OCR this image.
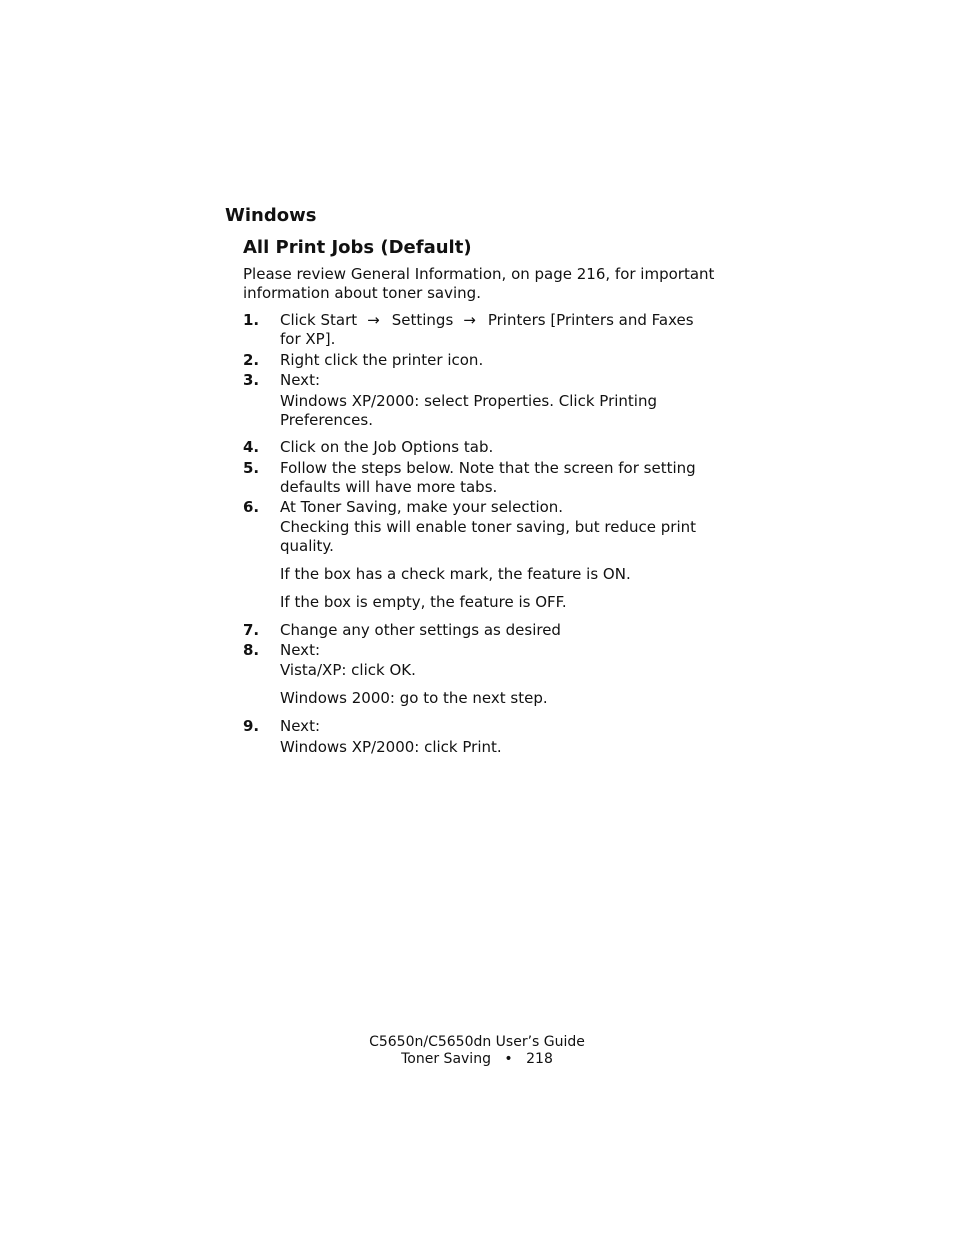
Windows
All Print Jobs (Default)
Please review General Information, on page 216, for important
information about toner saving.
1. Click Start → Settings → Printers [Printers and Faxes
for XP].
2. Right click the printer icon.
3. Next:
Windows XP/2000: select Properties. Click Printing
Preferences.
4. Click on the Job Options tab.
5. Follow the steps below. Note that the screen for setting
defaults will have more tabs.
6. At Toner Saving, make your selection.
Checking this will enable toner saving, but reduce print
quality.
If the box has a check mark, the feature is ON.
If the box is empty, the feature is OFF.
7. Change any other settings as desired
8. Next:
Vista/XP: click OK.
Windows 2000: go to the next step.
9. Next:
Windows XP/2000: click Print.
C5650n/C5650dn User’s Guide
Toner Saving • 218
